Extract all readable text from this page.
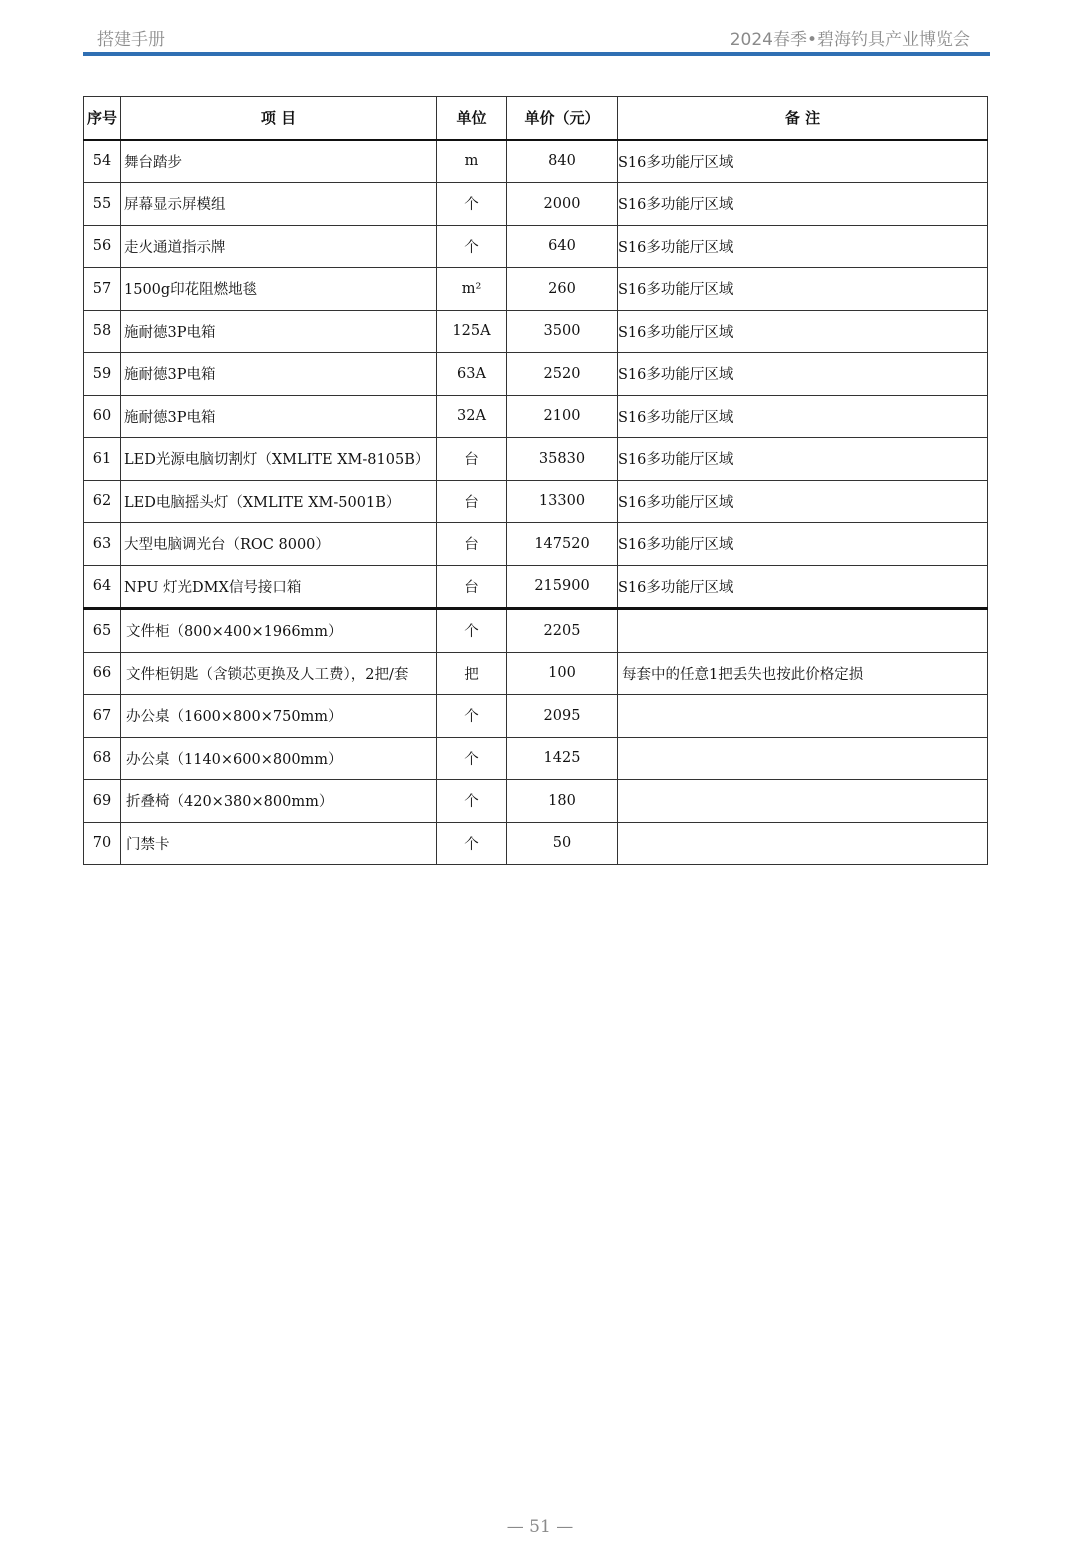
搭建手册	2024春季•碧海钓具产业博览会
序号	项 目	单位	单价（元）	备 注
54	舞台踏步	m	840	S16多功能厅区域
55	屏幕显示屏模组	个	2000	S16多功能厅区域
56	走火通道指示牌	个	640	S16多功能厅区域
57	1500g印花阻燃地毯	m²	260	S16多功能厅区域
58	施耐德3P电箱	125A	3500	S16多功能厅区域
59	施耐德3P电箱	63A	2520	S16多功能厅区域
60	施耐德3P电箱	32A	2100	S16多功能厅区域
61	LED光源电脑切割灯（XMLITE XM-8105B）	台	35830	S16多功能厅区域
62	LED电脑摇头灯（XMLITE XM-5001B）	台	13300	S16多功能厅区域
63	大型电脑调光台（ROC 8000）	台	147520	S16多功能厅区域
64	NPU 灯光DMX信号接口箱	台	215900	S16多功能厅区域
65	文件柜（800×400×1966mm）	个	2205	
66	文件柜钥匙（含锁芯更换及人工费），2把/套	把	100	每套中的任意1把丢失也按此价格定损
67	办公桌（1600×800×750mm）	个	2095	
68	办公桌（1140×600×800mm）	个	1425	
69	折叠椅（420×380×800mm）	个	180	
70	门禁卡	个	50	
— 51 —
